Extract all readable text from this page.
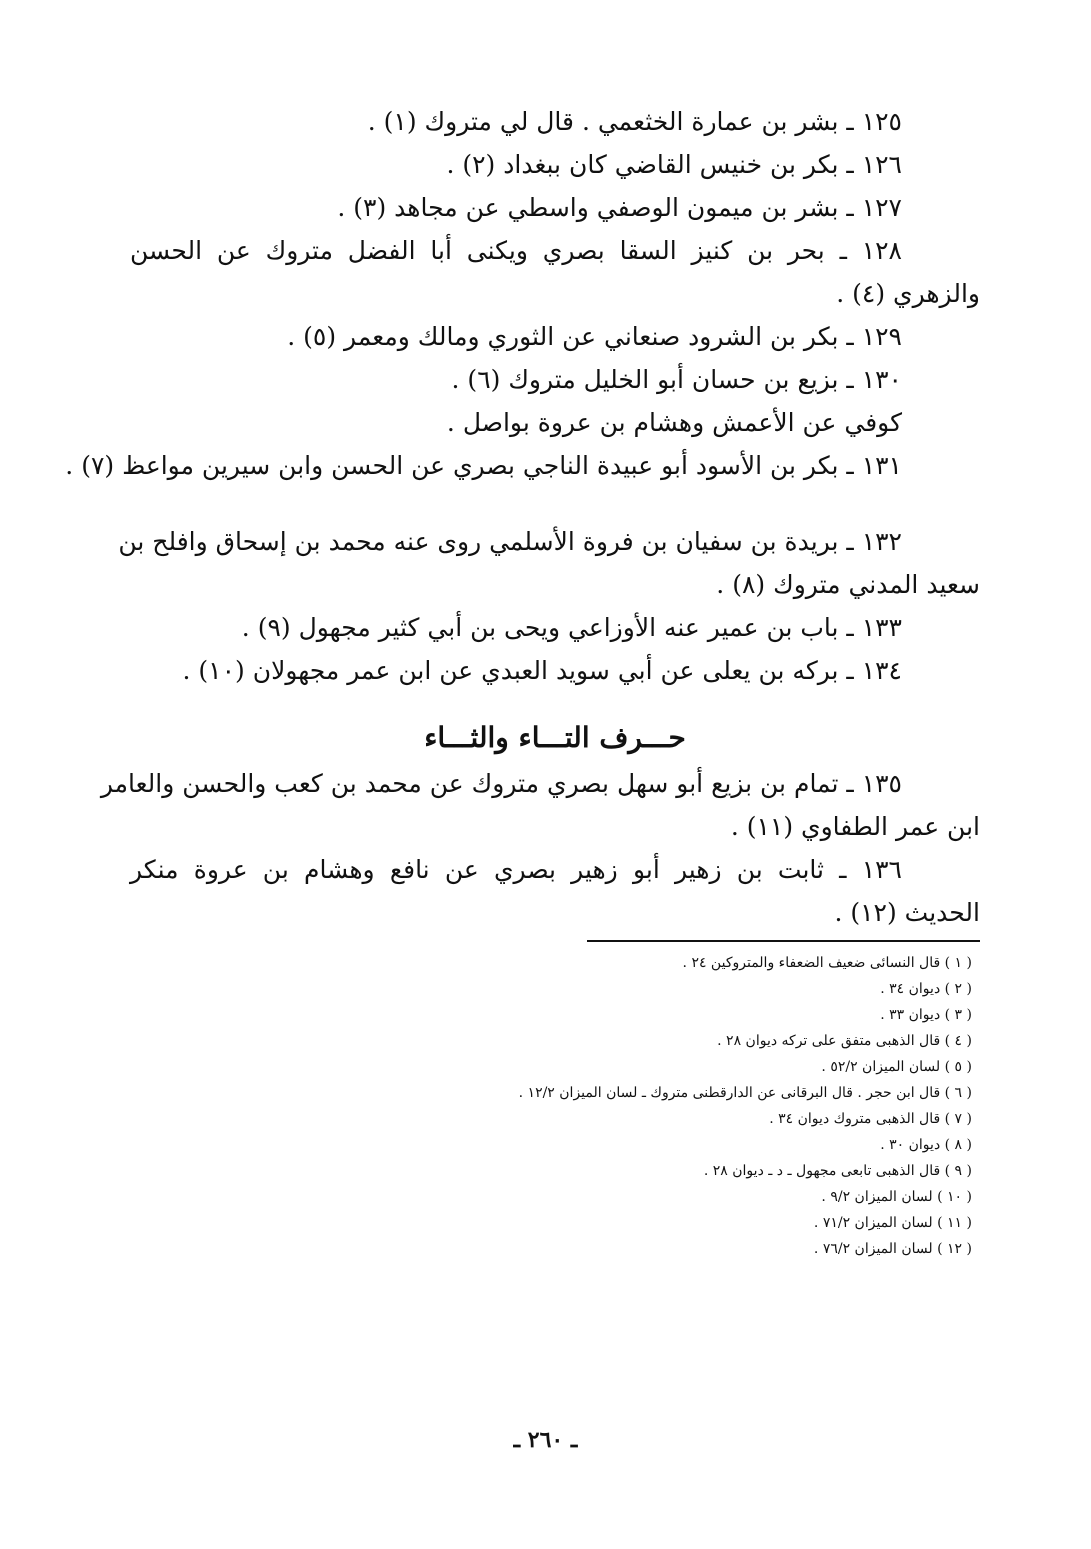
١٢٥ ـ بشر بن عمارة الخثعمي . قال لي متروك (١) .
١٢٦ ـ بكر بن خنيس القاضي كان ببغداد (٢) .
١٢٧ ـ بشر بن ميمون الوصفي واسطي عن مجاهد (٣) .
١٢٨ ـ بحر بن كنيز السقا بصري ويكنى أبا الفضل متروك عن الحسن
والزهري (٤) .
١٢٩ ـ بكر بن الشرود صنعاني عن الثوري ومالك ومعمر (٥) .
١٣٠ ـ بزيع بن حسان أبو الخليل متروك (٦) .
كوفي عن الأعمش وهشام بن عروة بواصل .
١٣١ ـ بكر بن الأسود أبو عبيدة الناجي بصري عن الحسن وابن سيرين مواعظ (٧) .
١٣٢ ـ بريدة بن سفيان بن فروة الأسلمي روى عنه محمد بن إسحاق وافلح بن
سعيد المدني متروك (٨) .
١٣٣ ـ باب بن عمير عنه الأوزاعي ويحى بن أبي كثير مجهول (٩) .
١٣٤ ـ بركه بن يعلى عن أبي سويد العبدي عن ابن عمر مجهولان (١٠) .
حـــرف التـــاء والثـــاء
١٣٥ ـ تمام بن بزيع أبو سهل بصري متروك عن محمد بن كعب والحسن والعامر
ابن عمر الطفاوي (١١) .
١٣٦ ـ ثابت بن زهير أبو زهير بصري عن نافع وهشام بن عروة منكر
الحديث (١٢) .
( ١ ) قال النسائى ضعيف الضعفاء والمتروكين ٢٤ .
( ٢ ) ديوان ٣٤ .
( ٣ ) ديوان ٣٣ .
( ٤ ) قال الذهبى متفق على تركه ديوان ٢٨ .
( ٥ ) لسان الميزان ٥٢/٢ .
( ٦ ) قال ابن حجر . قال البرقانى عن الدارقطنى متروك ـ لسان الميزان ١٢/٢ .
( ٧ ) قال الذهبى متروك ديوان ٣٤ .
( ٨ ) ديوان ٣٠ .
( ٩ ) قال الذهبى تابعى مجهول ـ د ـ ديوان ٢٨ .
( ١٠ ) لسان الميزان ٩/٢ .
( ١١ ) لسان الميزان ٧١/٢ .
( ١٢ ) لسان الميزان ٧٦/٢ .
ـ ٢٦٠ ـ
